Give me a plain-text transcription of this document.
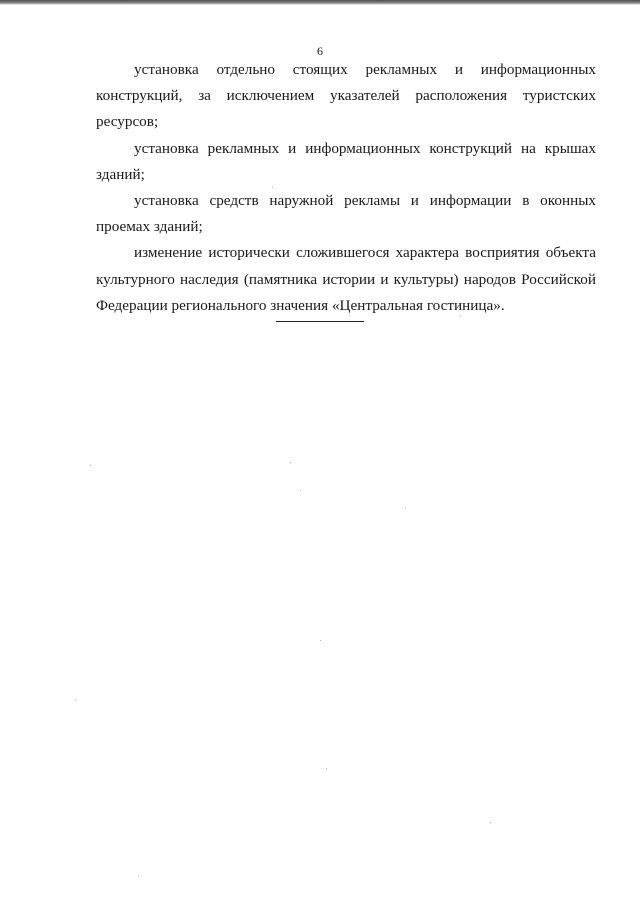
6

установка отдельно стоящих рекламных и информационных конструкций, за исключением указателей расположения туристских ресурсов;

установка рекламных и информационных конструкций на крышах зданий;

установка средств наружной рекламы и информации в оконных проемах зданий;

изменение исторически сложившегося характера восприятия объекта культурного наследия (памятника истории и культуры) народов Российской Федерации регионального значения «Центральная гостиница».
